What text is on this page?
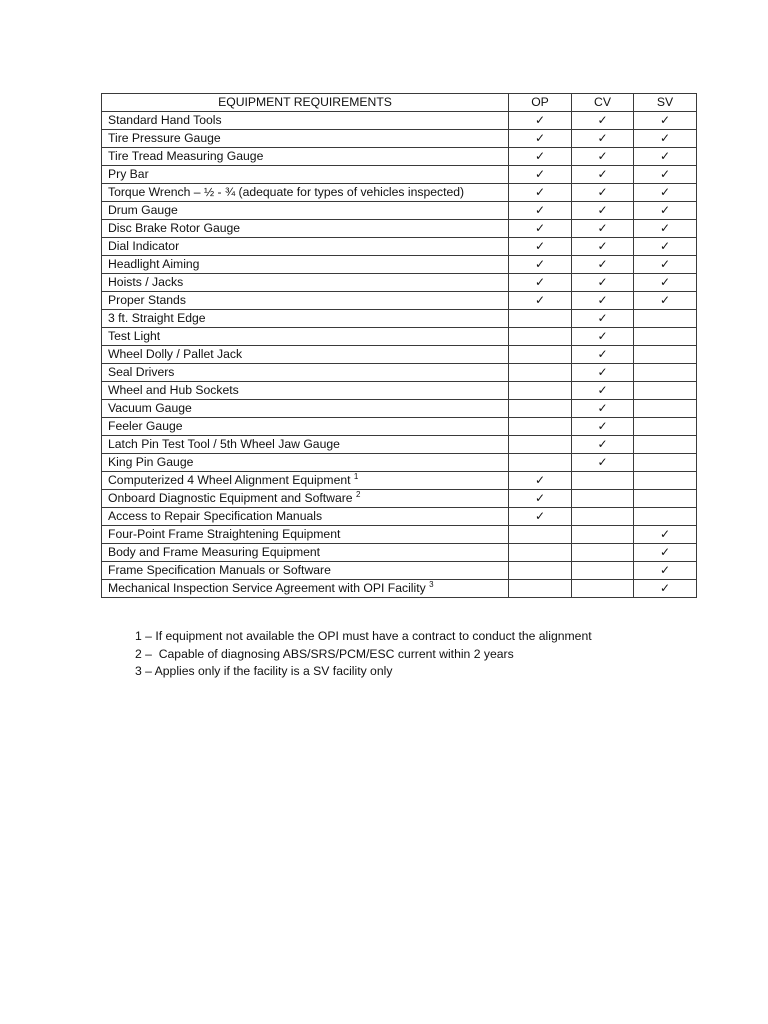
EQUIPMENT REQUIREMENTS	OP	CV	SV
Standard Hand Tools	✓	✓	✓
Tire Pressure Gauge	✓	✓	✓
Tire Tread Measuring Gauge	✓	✓	✓
Pry Bar	✓	✓	✓
Torque Wrench – ½ - ¾ (adequate for types of vehicles inspected)	✓	✓	✓
Drum Gauge	✓	✓	✓
Disc Brake Rotor Gauge	✓	✓	✓
Dial Indicator	✓	✓	✓
Headlight Aiming	✓	✓	✓
Hoists / Jacks	✓	✓	✓
Proper Stands	✓	✓	✓
3 ft. Straight Edge		✓	
Test Light		✓	
Wheel Dolly / Pallet Jack		✓	
Seal Drivers		✓	
Wheel and Hub Sockets		✓	
Vacuum Gauge		✓	
Feeler Gauge		✓	
Latch Pin Test Tool / 5th Wheel Jaw Gauge		✓	
King Pin Gauge		✓	
Computerized 4 Wheel Alignment Equipment $^1$	✓		
Onboard Diagnostic Equipment and Software $^2$	✓		
Access to Repair Specification Manuals	✓		
Four-Point Frame Straightening Equipment			✓
Body and Frame Measuring Equipment			✓
Frame Specification Manuals or Software			✓
Mechanical Inspection Service Agreement with OPI Facility $^3$			✓
1 – If equipment not available the OPI must have a contract to conduct the alignment
2 –  Capable of diagnosing ABS/SRS/PCM/ESC current within 2 years
3 – Applies only if the facility is a SV facility only
